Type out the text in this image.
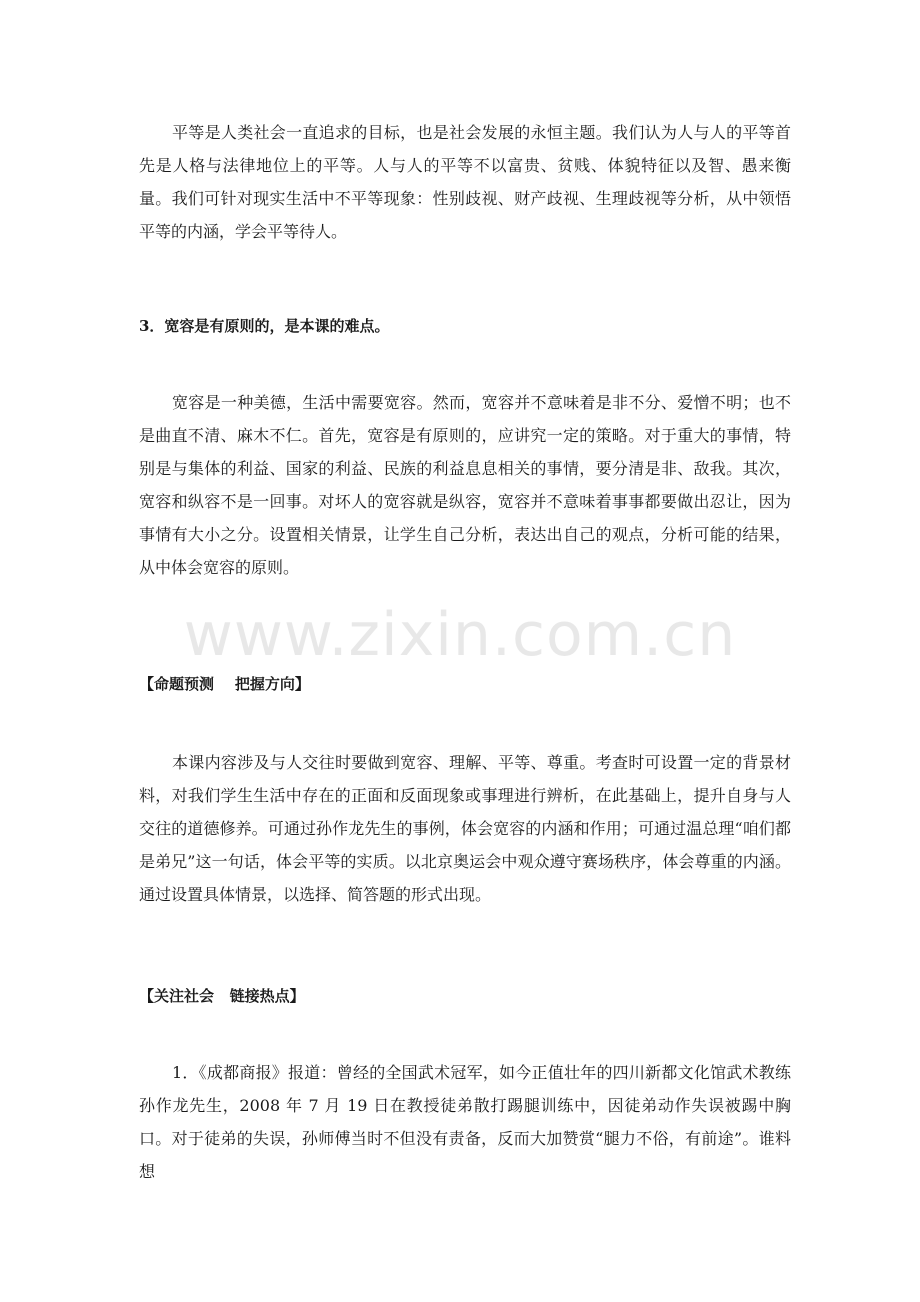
平等是人类社会一直追求的目标，也是社会发展的永恒主题。我们认为人与人的平等首先是人格与法律地位上的平等。人与人的平等不以富贵、贫贱、体貌特征以及智、愚来衡量。我们可针对现实生活中不平等现象：性别歧视、财产歧视、生理歧视等分析，从中领悟平等的内涵，学会平等待人。

3．宽容是有原则的，是本课的难点。

宽容是一种美德，生活中需要宽容。然而，宽容并不意味着是非不分、爱憎不明；也不是曲直不清、麻木不仁。首先，宽容是有原则的，应讲究一定的策略。对于重大的事情，特别是与集体的利益、国家的利益、民族的利益息息相关的事情，要分清是非、敌我。其次，宽容和纵容不是一回事。对坏人的宽容就是纵容，宽容并不意味着事事都要做出忍让，因为事情有大小之分。设置相关情景，让学生自己分析，表达出自己的观点，分析可能的结果，从中体会宽容的原则。

www.zixin.com.cn

【命题预测    把握方向】

本课内容涉及与人交往时要做到宽容、理解、平等、尊重。考查时可设置一定的背景材料，对我们学生生活中存在的正面和反面现象或事理进行辨析，在此基础上，提升自身与人交往的道德修养。可通过孙作龙先生的事例，体会宽容的内涵和作用；可通过温总理“咱们都是弟兄”这一句话，体会平等的实质。以北京奥运会中观众遵守赛场秩序，体会尊重的内涵。通过设置具体情景，以选择、简答题的形式出现。

【关注社会   链接热点】

1．《成都商报》报道：曾经的全国武术冠军，如今正值壮年的四川新都文化馆武术教练孙作龙先生，2008 年 7 月 19 日在教授徒弟散打踢腿训练中，因徒弟动作失误被踢中胸口。对于徒弟的失误，孙师傅当时不但没有责备，反而大加赞赏“腿力不俗，有前途”。谁料想
